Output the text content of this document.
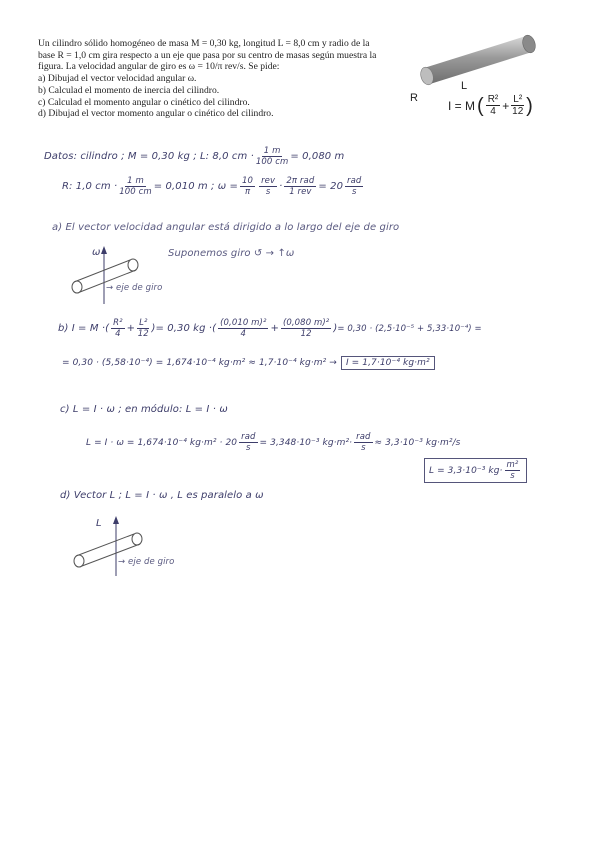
Un cilindro sólido homogéneo de masa M = 0,30 kg, longitud L = 8,0 cm y radio de la

base R = 1,0 cm gira respecto a un eje que pasa por su centro de masas según muestra la

figura. La velocidad angular de giro es ω = 10/π rev/s. Se pide:

a) Dibujad el vector velocidad angular ω.

b) Calculad el momento de inercia del cilindro.

c) Calculad el momento angular o cinético del cilindro.

d) Dibujad el vector momento angular o cinético del cilindro.

R
L
I = M ( $\frac{\text{R²}}{4} + \frac{\text{L²}}{12}$ )
Datos: cilindro ; M = 0,30 kg ; L: 8,0 cm · $\frac{1 m}{100 cm} = 0,080$ m
R: 1,0 cm · $\frac{1 m}{100 cm} = 0,010$ m ; $\omega = \frac{10}{\pi} \frac{\text{rev}}{s} \cdot \frac{\text{2π rad}}{\text{1 rev}} = 20 \frac{\text{rad}}{s}$
a) El vector velocidad angular está dirigido a lo largo del eje de giro
ω	Suponemos giro ↺ → ↑ω
→ eje de giro
b) I = M · ( $\frac{\text{R²}}{4} + \frac{\text{L²}}{12}$ ) = 0,30 kg · ( $\frac{\text{(0,010 m)²}}{4} + \frac{\text{(0,080 m)²}}{12}$ ) = 0,30 · (2,5·10⁻⁵ + 5,33·10⁻⁴) =
= 0,30 · (5,58·10⁻⁴) = 1,674·10⁻⁴ kg·m² ≈ 1,7·10⁻⁴ kg·m² →	I = 1,7·10⁻⁴ kg·m²
c) L = I · ω ; en módulo: L = I · ω
L = I · ω = 1,674·10⁻⁴ $kg\cdot m^2 \cdot 20 \frac{\text{rad}}{s} = 3,348\cdot 10^{-3}$ $kg\cdot m^2\cdot \frac{\text{rad}}{s} \approx 3,3\cdot 10^{-3}$ kg·m²/s
L = 3,3·10⁻³ $kg\cdot \frac{\text{m²}}{s}$
d) Vector L ; L = I · ω , L es paralelo a ω
L
→ eje de giro
